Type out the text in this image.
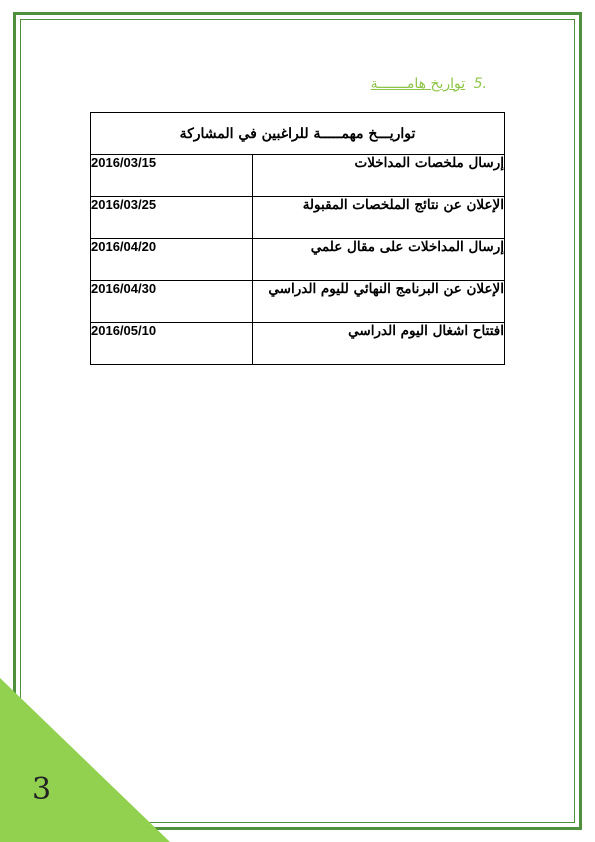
.5 تواريخ هامـــــــة
تواريـــخ مهمـــــة للراغبين في المشاركة	
إرسال ملخصات المداخلات	2016/03/15
الإعلان عن نتائج الملخصات المقبولة	2016/03/25
إرسال المداخلات على مقال علمي	2016/04/20
الإعلان عن البرنامج النهائي لليوم الدراسي	2016/04/30
افتتاح اشغال اليوم الدراسي	2016/05/10
3
